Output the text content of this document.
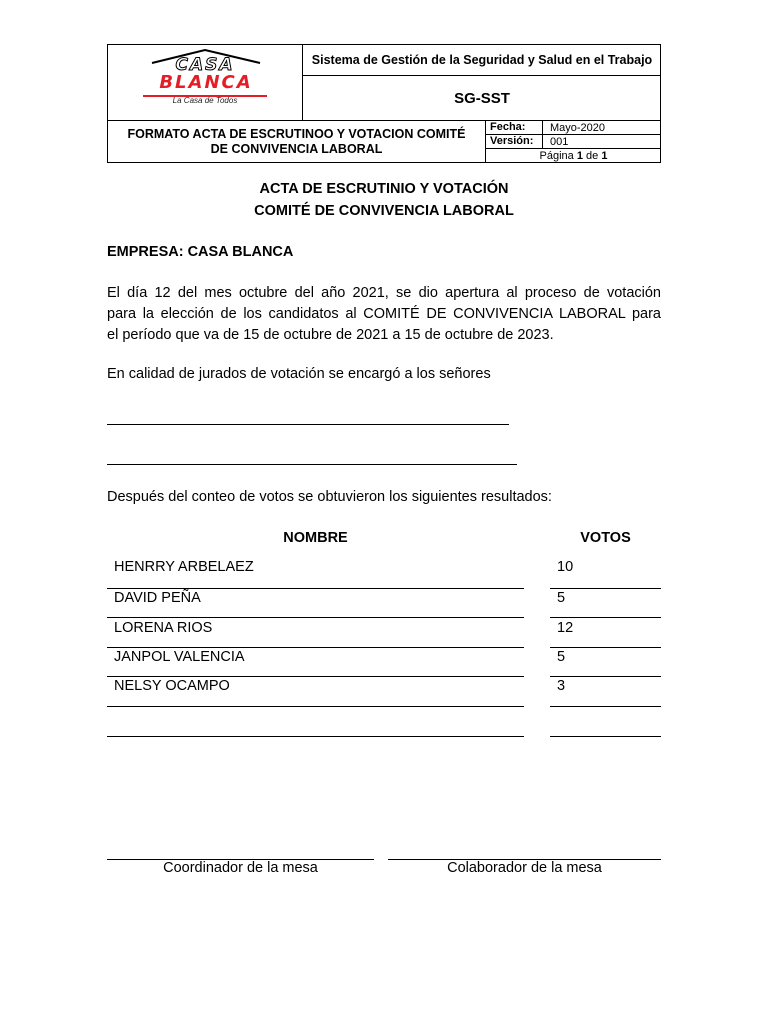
Sistema de Gestión de la Seguridad y Salud en el Trabajo
SG-SST
FORMATO ACTA DE ESCRUTINOO Y VOTACION COMITÉ
DE CONVIVENCIA LABORAL
Fecha: Mayo-2020
Versión: 001
Página 1 de 1
CASA
BLANCA
La Casa de Todos
ACTA DE ESCRUTINIO Y VOTACIÓN
COMITÉ DE CONVIVENCIA LABORAL
EMPRESA: CASA BLANCA
El día 12 del mes octubre del año 2021, se dio apertura al proceso de votación
para la elección de los candidatos al COMITÉ DE CONVIVENCIA LABORAL para
el período que va de 15 de octubre de 2021 a 15 de octubre de 2023.
En calidad de jurados de votación se encargó a los señores
Después del conteo de votos se obtuvieron los siguientes resultados:
NOMBRE	VOTOS
HENRRY ARBELAEZ	10
DAVID PEÑA	5
LORENA RIOS	12
JANPOL VALENCIA	5
NELSY OCAMPO	3
Coordinador de la mesa	Colaborador de la mesa
